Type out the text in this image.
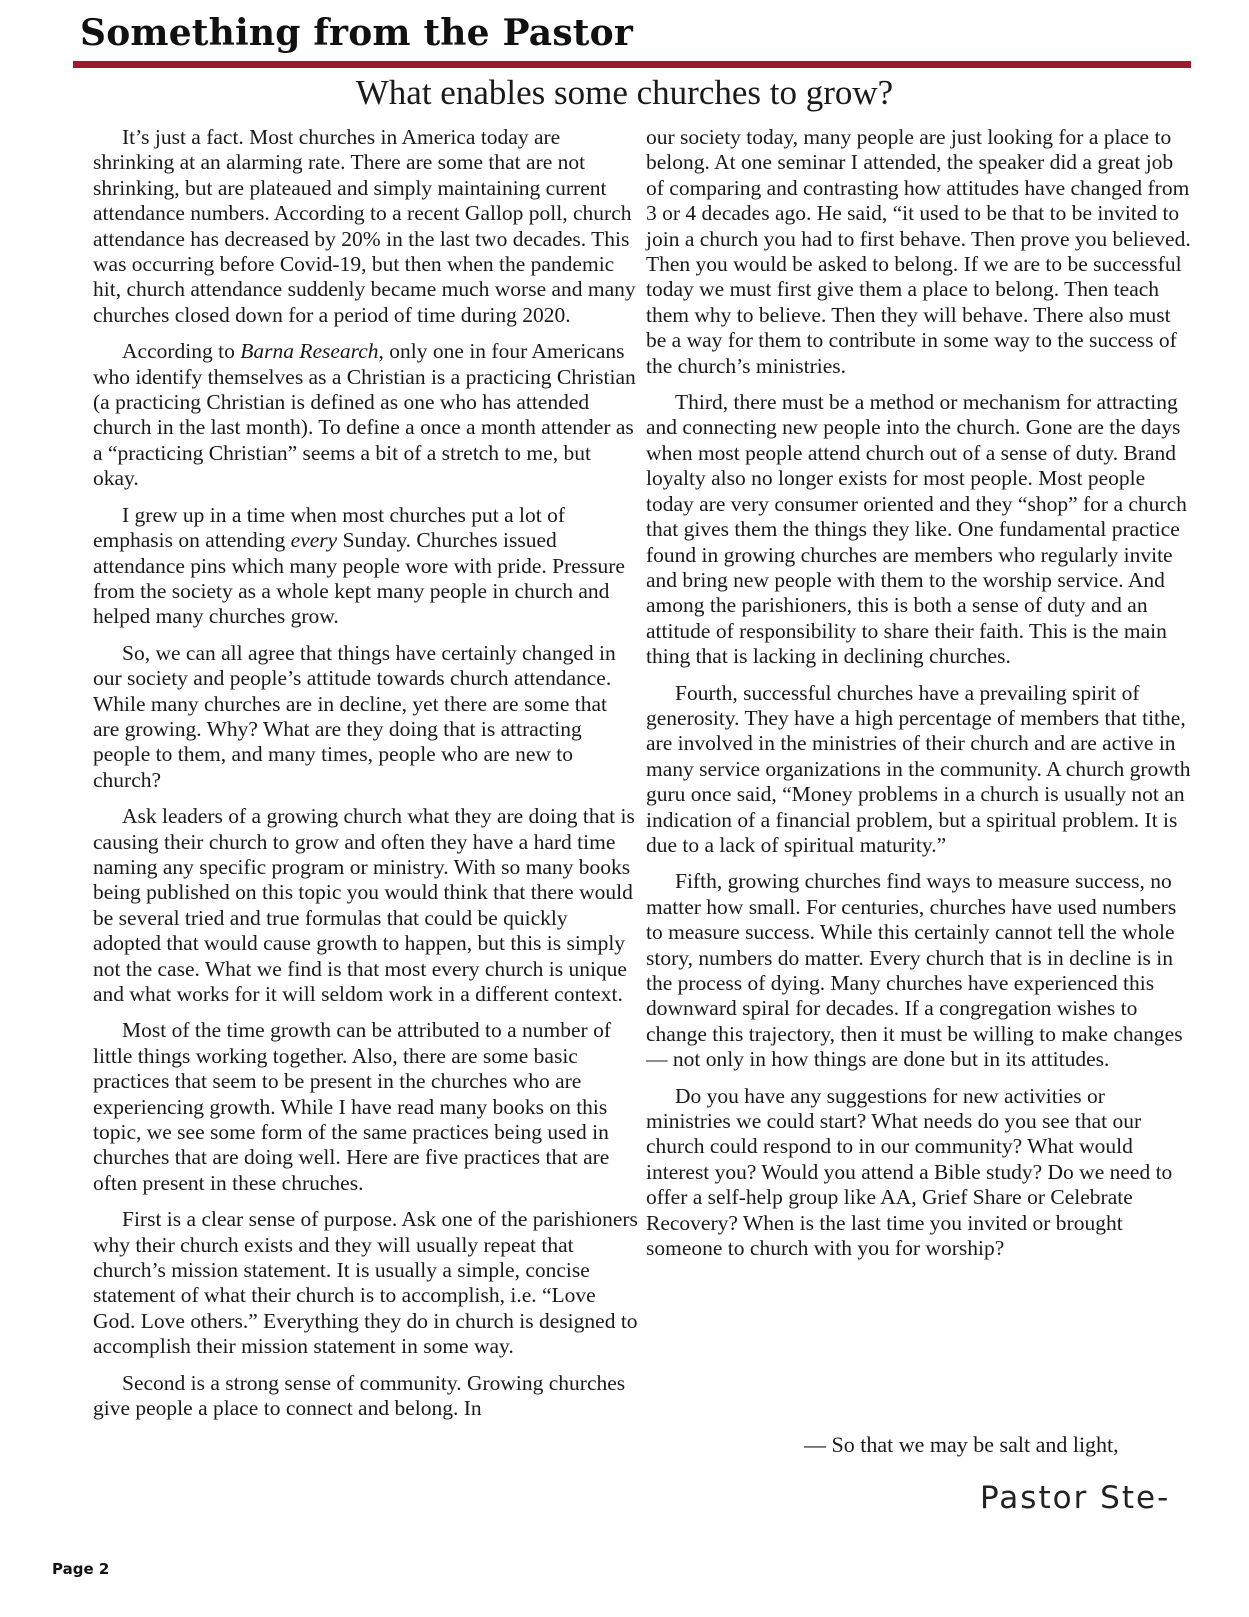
Something from the Pastor
What enables some churches to grow?

It’s just a fact. Most churches in America today are shrinking at an alarming rate. There are some that are not shrinking, but are plateaued and simply maintaining current attendance numbers. According to a recent Gallop poll, church attendance has decreased by 20% in the last two decades. This was occurring before Covid-19, but then when the pandemic hit, church attendance suddenly became much worse and many churches closed down for a period of time during 2020.

According to Barna Research, only one in four Americans who identify themselves as a Christian is a practicing Christian (a practicing Christian is defined as one who has attended church in the last month). To define a once a month attender as a “practicing Christian” seems a bit of a stretch to me, but okay.

I grew up in a time when most churches put a lot of emphasis on attending every Sunday. Churches issued attendance pins which many people wore with pride. Pressure from the society as a whole kept many people in church and helped many churches grow.

So, we can all agree that things have certainly changed in our society and people’s attitude towards church attendance. While many churches are in decline, yet there are some that are growing. Why? What are they doing that is attracting people to them, and many times, people who are new to church?

Ask leaders of a growing church what they are doing that is causing their church to grow and often they have a hard time naming any specific program or ministry. With so many books being published on this topic you would think that there would be several tried and true formulas that could be quickly adopted that would cause growth to happen, but this is simply not the case. What we find is that most every church is unique and what works for it will seldom work in a different context.

Most of the time growth can be attributed to a number of little things working together. Also, there are some basic practices that seem to be present in the churches who are experiencing growth. While I have read many books on this topic, we see some form of the same practices being used in churches that are doing well. Here are five practices that are often present in these chruches.

First is a clear sense of purpose. Ask one of the parishioners why their church exists and they will usually repeat that church’s mission statement. It is usually a simple, concise statement of what their church is to accomplish, i.e. “Love God. Love others.” Everything they do in church is designed to accomplish their mission statement in some way.

Second is a strong sense of community. Growing churches give people a place to connect and belong. In

our society today, many people are just looking for a place to belong. At one seminar I attended, the speaker did a great job of comparing and contrasting how attitudes have changed from 3 or 4 decades ago. He said, “it used to be that to be invited to join a church you had to first behave. Then prove you believed. Then you would be asked to belong. If we are to be successful today we must first give them a place to belong. Then teach them why to believe. Then they will behave. There also must be a way for them to contribute in some way to the success of the church’s ministries.

Third, there must be a method or mechanism for attracting and connecting new people into the church. Gone are the days when most people attend church out of a sense of duty. Brand loyalty also no longer exists for most people. Most people today are very consumer oriented and they “shop” for a church that gives them the things they like. One fundamental practice found in growing churches are members who regularly invite and bring new people with them to the worship service. And among the parishioners, this is both a sense of duty and an attitude of responsibility to share their faith. This is the main thing that is lacking in declining churches.

Fourth, successful churches have a prevailing spirit of generosity. They have a high percentage of members that tithe, are involved in the ministries of their church and are active in many service organizations in the community. A church growth guru once said, “Money problems in a church is usually not an indication of a financial problem, but a spiritual problem. It is due to a lack of spiritual maturity.”

Fifth, growing churches find ways to measure success, no matter how small. For centuries, churches have used numbers to measure success. While this certainly cannot tell the whole story, numbers do matter. Every church that is in decline is in the process of dying. Many churches have experienced this downward spiral for decades. If a congregation wishes to change this trajectory, then it must be willing to make changes — not only in how things are done but in its attitudes.

Do you have any suggestions for new activities or ministries we could start? What needs do you see that our church could respond to in our community? What would interest you? Would you attend a Bible study? Do we need to offer a self-help group like AA, Grief Share or Celebrate Recovery? When is the last time you invited or brought someone to church with you for worship?

— So that we may be salt and light,

Pastor Ste-

Page 2
